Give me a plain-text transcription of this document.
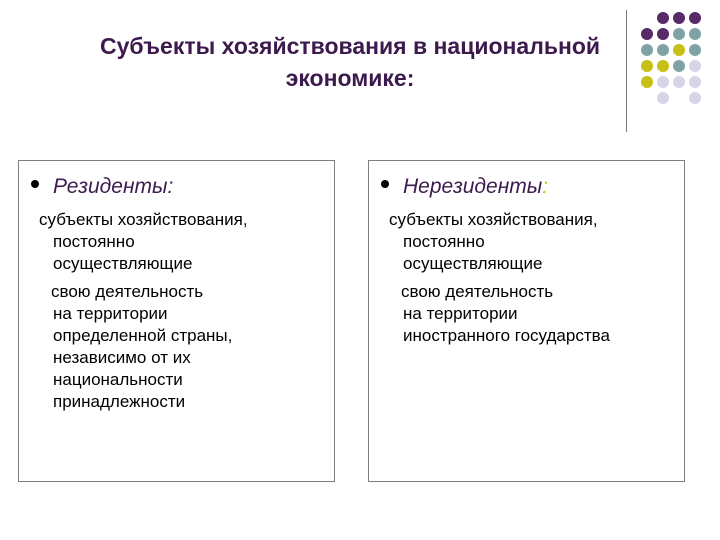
Субъекты хозяйствования в национальной
экономике:
Резиденты:
субъекты хозяйствования,
постоянно
осуществляющие
свою деятельность
на территории
определенной страны,
независимо от их
национальности
принадлежности
Нерезиденты:
субъекты хозяйствования,
постоянно
осуществляющие
свою деятельность
на территории
иностранного государства
